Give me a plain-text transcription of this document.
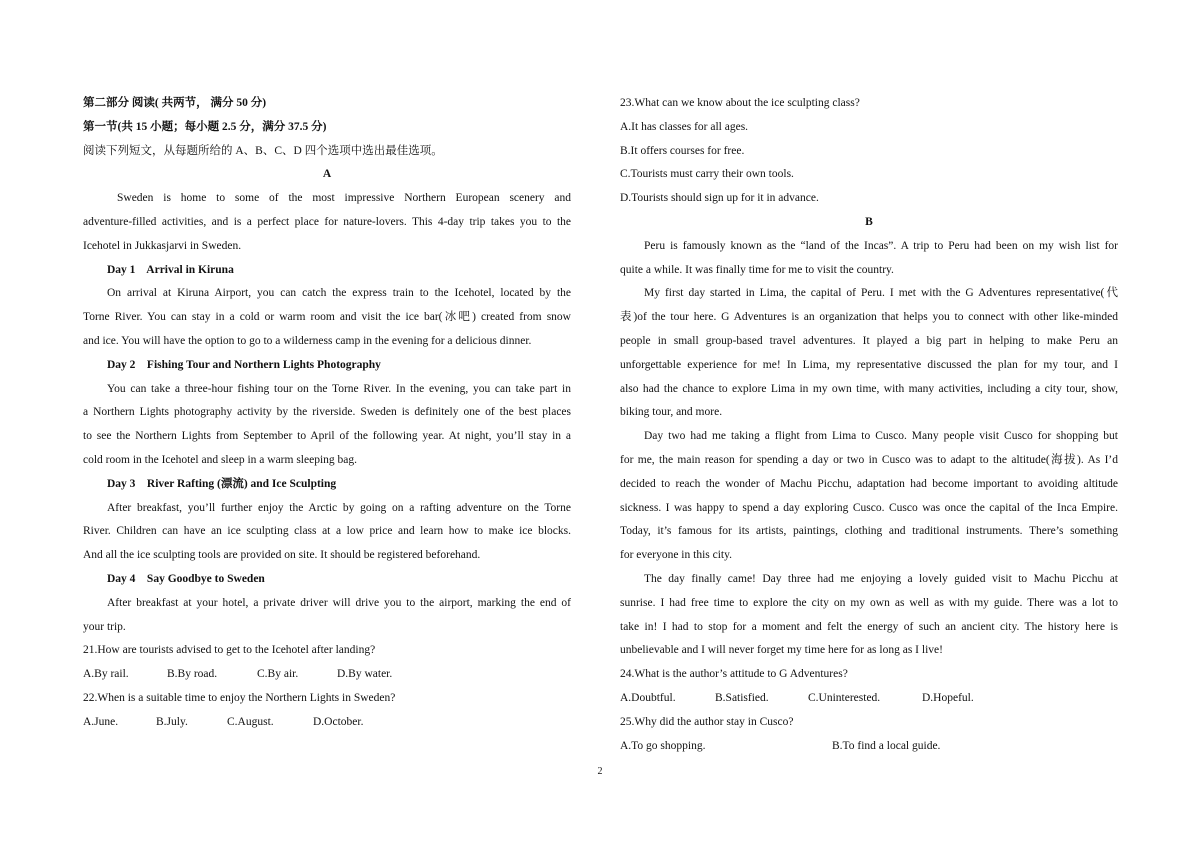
第二部分 阅读( 共两节， 满分 50 分)
第一节(共 15 小题；每小题 2.5 分，满分 37.5 分)
阅读下列短文，从每题所给的 A、B、C、D 四个选项中选出最佳选项。
A
Sweden is home to some of the most impressive Northern European scenery and
adventure-filled activities, and is a perfect place for nature-lovers. This 4-day trip takes you to the
Icehotel in Jukkasjarvi in Sweden.
Day 1    Arrival in Kiruna
On arrival at Kiruna Airport, you can catch the express train to the Icehotel, located by the
Torne River. You can stay in a cold or warm room and visit the ice bar(冰吧) created from snow
and ice. You will have the option to go to a wilderness camp in the evening for a delicious dinner.
Day 2    Fishing Tour and Northern Lights Photography
You can take a three-hour fishing tour on the Torne River. In the evening, you can take part in
a Northern Lights photography activity by the riverside. Sweden is definitely one of the best places
to see the Northern Lights from September to April of the following year. At night, you’ll stay in a
cold room in the Icehotel and sleep in a warm sleeping bag.
Day 3    River Rafting (漂流) and Ice Sculpting
After breakfast, you’ll further enjoy the Arctic by going on a rafting adventure on the Torne
River. Children can have an ice sculpting class at a low price and learn how to make ice blocks.
And all the ice sculpting tools are provided on site. It should be registered beforehand.
Day 4    Say Goodbye to Sweden
After breakfast at your hotel, a private driver will drive you to the airport, marking the end of
your trip.
21.How are tourists advised to get to the Icehotel after landing?
A.By rail.	B.By road.	C.By air.	D.By water.
22.When is a suitable time to enjoy the Northern Lights in Sweden?
A.June.	B.July.	C.August.	D.October.
23.What can we know about the ice sculpting class?
A.It has classes for all ages.
B.It offers courses for free.
C.Tourists must carry their own tools.
D.Tourists should sign up for it in advance.
B
Peru is famously known as the “land of the Incas”. A trip to Peru had been on my wish list for
quite a while. It was finally time for me to visit the country.
My first day started in Lima, the capital of Peru. I met with the G Adventures representative(代
表)of the tour here. G Adventures is an organization that helps you to connect with other like-minded
people in small group-based travel adventures. It played a big part in helping to make Peru an
unforgettable experience for me! In Lima, my representative discussed the plan for my tour, and I
also had the chance to explore Lima in my own time, with many activities, including a city tour, show,
biking tour, and more.
Day two had me taking a flight from Lima to Cusco. Many people visit Cusco for shopping but
for me, the main reason for spending a day or two in Cusco was to adapt to the altitude(海拔). As I’d
decided to reach the wonder of Machu Picchu, adaptation had become important to avoiding altitude
sickness. I was happy to spend a day exploring Cusco. Cusco was once the capital of the Inca Empire.
Today, it’s famous for its artists, paintings, clothing and traditional instruments. There’s something
for everyone in this city.
The day finally came! Day three had me enjoying a lovely guided visit to Machu Picchu at
sunrise. I had free time to explore the city on my own as well as with my guide. There was a lot to
take in! I had to stop for a moment and felt the energy of such an ancient city. The history here is
unbelievable and I will never forget my time here for as long as I live!
24.What is the author’s attitude to G Adventures?
A.Doubtful.	B.Satisfied.	C.Uninterested.	D.Hopeful.
25.Why did the author stay in Cusco?
A.To go shopping.	B.To find a local guide.
2
